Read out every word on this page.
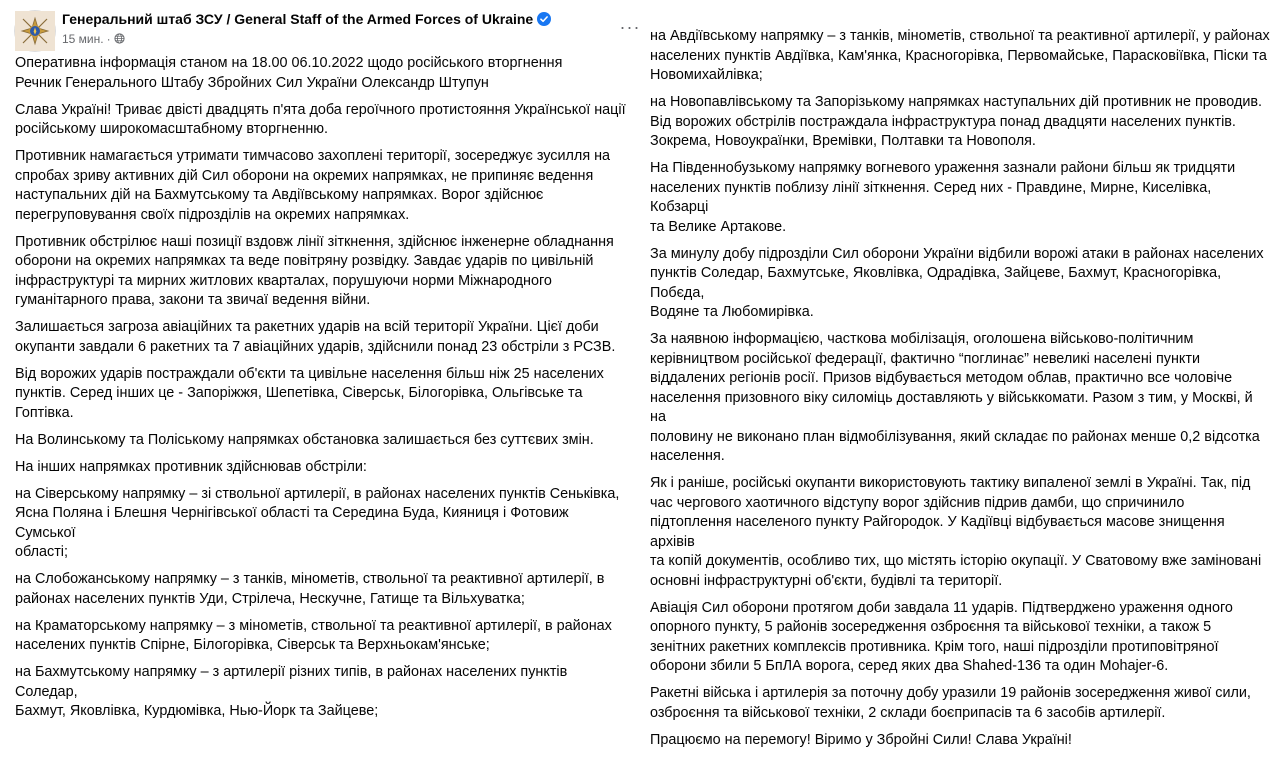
Генеральний штаб ЗСУ / General Staff of the Armed Forces of Ukraine
15 мин. ·
···

Оперативна інформація станом на 18.00 06.10.2022 щодо російського вторгнення
Речник Генерального Штабу Збройних Сил України Олександр Штупун

Слава Україні! Триває двісті двадцять п'ята доба героїчного протистояння Української нації
російському широкомасштабному вторгненню.

Противник намагається утримати тимчасово захоплені території, зосереджує зусилля на
спробах зриву активних дій Сил оборони на окремих напрямках, не припиняє ведення
наступальних дій на Бахмутському та Авдіївському напрямках. Ворог здійснює
перегруповування своїх підрозділів на окремих напрямках.

Противник обстрілює наші позиції вздовж лінії зіткнення, здійснює інженерне обладнання
оборони на окремих напрямках та веде повітряну розвідку. Завдає ударів по цивільній
інфраструктурі та мирних житлових кварталах, порушуючи норми Міжнародного
гуманітарного права, закони та звичаї ведення війни.

Залишається загроза авіаційних та ракетних ударів на всій території України. Цієї доби
окупанти завдали 6 ракетних та 7 авіаційних ударів, здійснили понад 23 обстріли з РСЗВ.

Від ворожих ударів постраждали об'єкти та цивільне населення більш ніж 25 населених
пунктів. Серед інших це - Запоріжжя, Шепетівка, Сіверськ, Білогорівка, Ольгівське та
Гоптівка.

На Волинському та Поліському напрямках обстановка залишається без суттєвих змін.

На інших напрямках противник здійснював обстріли:

на Сіверському напрямку – зі ствольної артилерії, в районах населених пунктів Сеньківка,
Ясна Поляна і Блешня Чернігівської області та Середина Буда, Кияниця і Фотовиж Сумської
області;

на Слобожанському напрямку – з танків, мінометів, ствольної та реактивної артилерії, в
районах населених пунктів Уди, Стрілеча, Нескучне, Гатище та Вільхуватка;

на Краматорському напрямку – з мінометів, ствольної та реактивної артилерії, в районах
населених пунктів Спірне, Білогорівка, Сіверськ та Верхньокам'янське;

на Бахмутському напрямку – з артилерії різних типів, в районах населених пунктів Соледар,
Бахмут, Яковлівка, Курдюмівка, Нью-Йорк та Зайцеве;

на Авдіївському напрямку – з танків, мінометів, ствольної та реактивної артилерії, у районах
населених пунктів Авдіївка, Кам'янка, Красногорівка, Первомайське, Парасковіївка, Піски та
Новомихайлівка;

на Новопавлівському та Запорізькому напрямках наступальних дій противник не проводив.
Від ворожих обстрілів постраждала інфраструктура понад двадцяти населених пунктів.
Зокрема, Новоукраїнки, Времівки, Полтавки та Новополя.

На Південнобузькому напрямку вогневого ураження зазнали райони більш як тридцяти
населених пунктів поблизу лінії зіткнення. Серед них - Правдине, Мирне, Киселівка, Кобзарці
та Велике Артакове.

За минулу добу підрозділи Сил оборони України відбили ворожі атаки в районах населених
пунктів Соледар, Бахмутське, Яковлівка, Одрадівка, Зайцеве, Бахмут, Красногорівка, Побєда,
Водяне та Любомирівка.

За наявною інформацією, часткова мобілізація, оголошена військово-політичним
керівництвом російської федерації, фактично “поглинає” невеликі населені пункти
віддалених регіонів росії. Призов відбувається методом облав, практично все чоловіче
населення призовного віку силоміць доставляють у військкомати. Разом з тим, у Москві, й на
половину не виконано план відмобілізування, який складає по районах менше 0,2 відсотка
населення.

Як і раніше, російські окупанти використовують тактику випаленої землі в Україні. Так, під
час чергового хаотичного відступу ворог здійснив підрив дамби, що спричинило
підтоплення населеного пункту Райгородок. У Кадіївці відбувається масове знищення архівів
та копій документів, особливо тих, що містять історію окупації. У Сватовому вже заміновані
основні інфраструктурні об'єкти, будівлі та території.

Авіація Сил оборони протягом доби завдала 11 ударів. Підтверджено ураження одного
опорного пункту, 5 районів зосередження озброєння та військової техніки, а також 5
зенітних ракетних комплексів противника. Крім того, наші підрозділи протиповітряної
оборони збили 5 БпЛА ворога, серед яких два Shahed-136 та один Mohajer-6.

Ракетні війська і артилерія за поточну добу уразили 19 районів зосередження живої сили,
озброєння та військової техніки, 2 склади боєприпасів та 6 засобів артилерії.

Працюємо на перемогу! Віримо у Збройні Сили! Слава Україні!
